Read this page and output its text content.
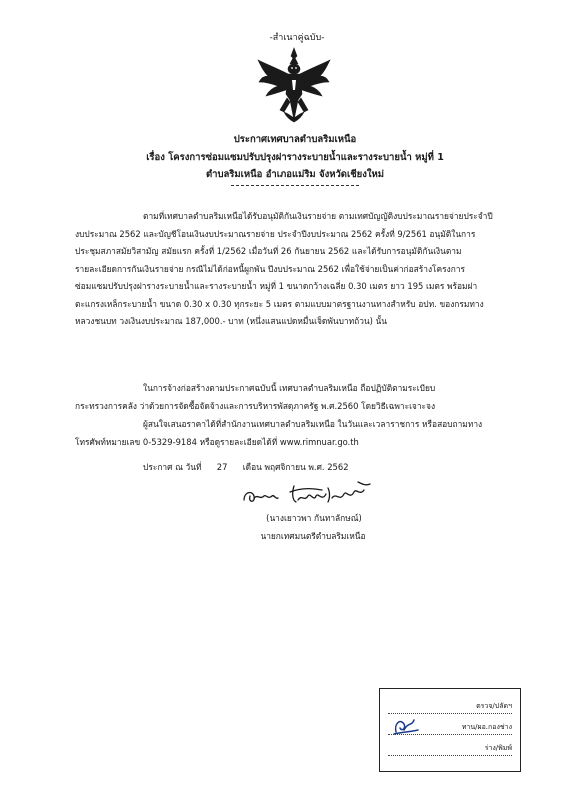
-สำเนาคู่ฉบับ-
ประกาศเทศบาลตำบลริมเหนือ
เรื่อง โครงการซ่อมแซมปรับปรุงฝารางระบายน้ำและรางระบายน้ำ หมู่ที่ 1
ตำบลริมเหนือ อำเภอแม่ริม จังหวัดเชียงใหม่
ตามที่เทศบาลตำบลริมเหนือได้รับอนุมัติกันเงินรายจ่าย ตามเทศบัญญัติงบประมาณรายจ่ายประจำปี
งบประมาณ 2562 และบัญชีโอนเงินงบประมาณรายจ่าย ประจำปีงบประมาณ 2562 ครั้งที่ 9/2561 อนุมัติในการ
ประชุมสภาสมัยวิสามัญ สมัยแรก ครั้งที่ 1/2562 เมื่อวันที่ 26 กันยายน 2562 และได้รับการอนุมัติกันเงินตาม
รายละเอียดการกันเงินรายจ่าย กรณีไม่ได้ก่อหนี้ผูกพัน ปีงบประมาณ 2562 เพื่อใช้จ่ายเป็นค่าก่อสร้างโครงการ
ซ่อมแซมปรับปรุงฝารางระบายน้ำและรางระบายน้ำ หมู่ที่ 1 ขนาดกว้างเฉลี่ย 0.30 เมตร ยาว 195 เมตร พร้อมฝา
ตะแกรงเหล็กระบายน้ำ ขนาด 0.30 x 0.30 ทุกระยะ 5 เมตร ตามแบบมาตรฐานงานทางสำหรับ อปท. ของกรมทาง
หลวงชนบท วงเงินงบประมาณ 187,000.- บาท (หนึ่งแสนแปดหมื่นเจ็ดพันบาทถ้วน) นั้น
ในการจ้างก่อสร้างตามประกาศฉบับนี้ เทศบาลตำบลริมเหนือ ถือปฏิบัติตามระเบียบ
กระทรวงการคลัง ว่าด้วยการจัดซื้อจัดจ้างและการบริหารพัสดุภาครัฐ พ.ศ.2560 โดยวิธีเฉพาะเจาะจง
ผู้สนใจเสนอราคาได้ที่สำนักงานเทศบาลตำบลริมเหนือ ในวันและเวลาราชการ หรือสอบถามทาง
โทรศัพท์หมายเลข 0-5329-9184 หรือดูรายละเอียดได้ที่ www.rimnuar.go.th
ประกาศ ณ วันที่ 27 เดือน พฤศจิกายน พ.ศ. 2562
(นางเยาวพา กันทาลักษณ์)
นายกเทศมนตรีตำบลริมเหนือ
ตรวจ/ปลัดฯ
ทาน/ผอ.กองช่าง
ร่าง/พิมพ์
